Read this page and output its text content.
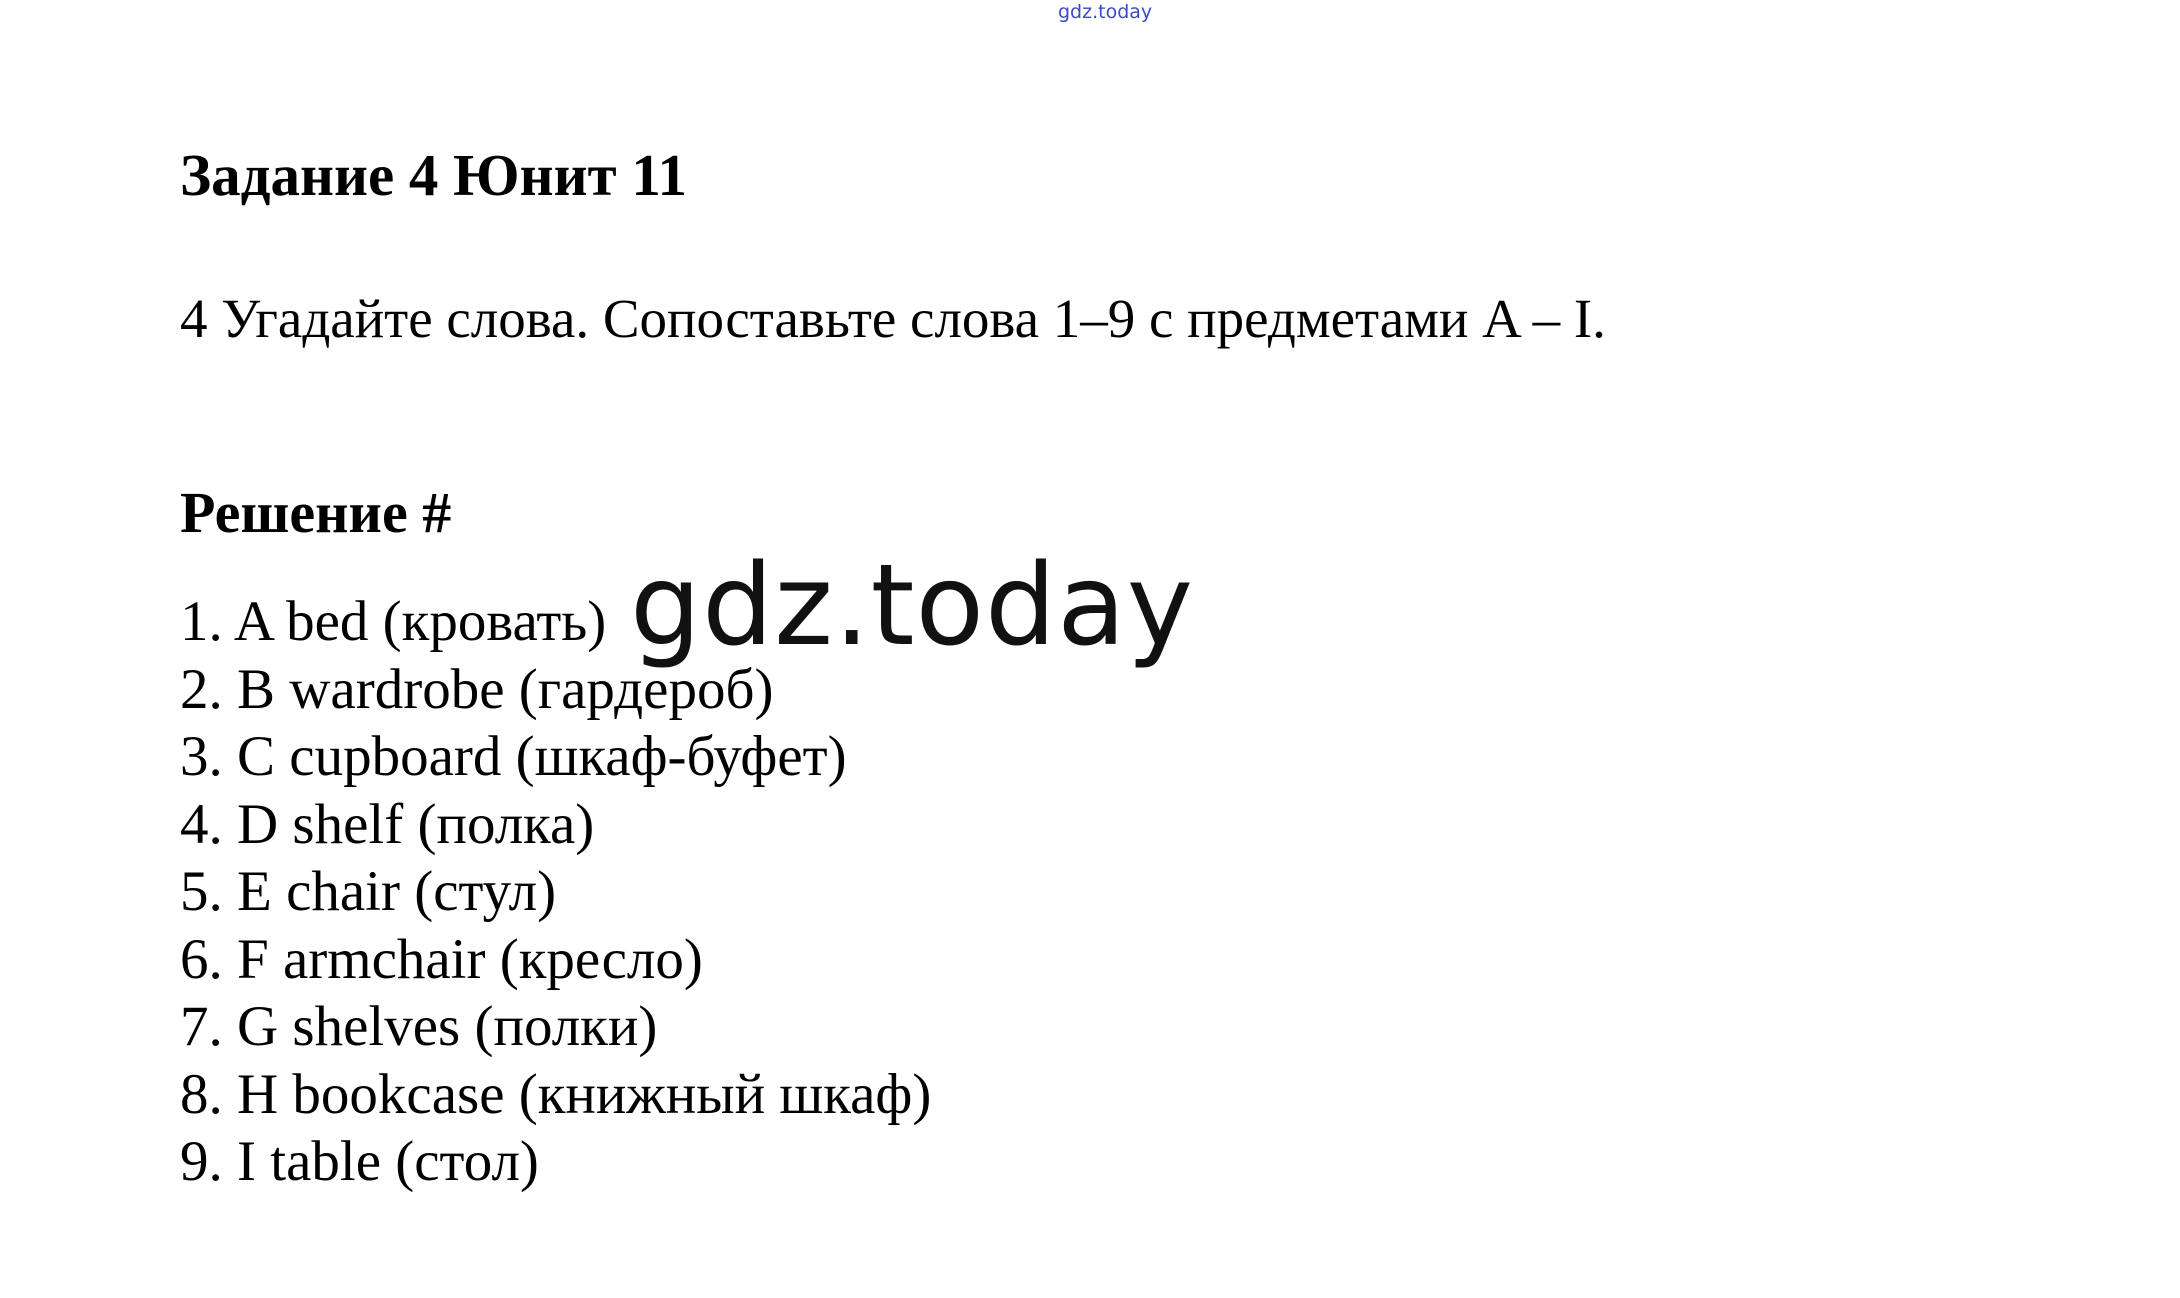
gdz.today
Задание 4 Юнит 11

4 Угадайте слова. Сопоставьте слова 1–9 с предметами A – I.

Решение #
1. A bed (кровать)
2. B wardrobe (гардероб)
3. C cupboard (шкаф-буфет)
4. D shelf (полка)
5. E chair (стул)
6. F armchair (кресло)
7. G shelves (полки)
8. H bookcase (книжный шкаф)
9. I table (стол)
gdz.today
